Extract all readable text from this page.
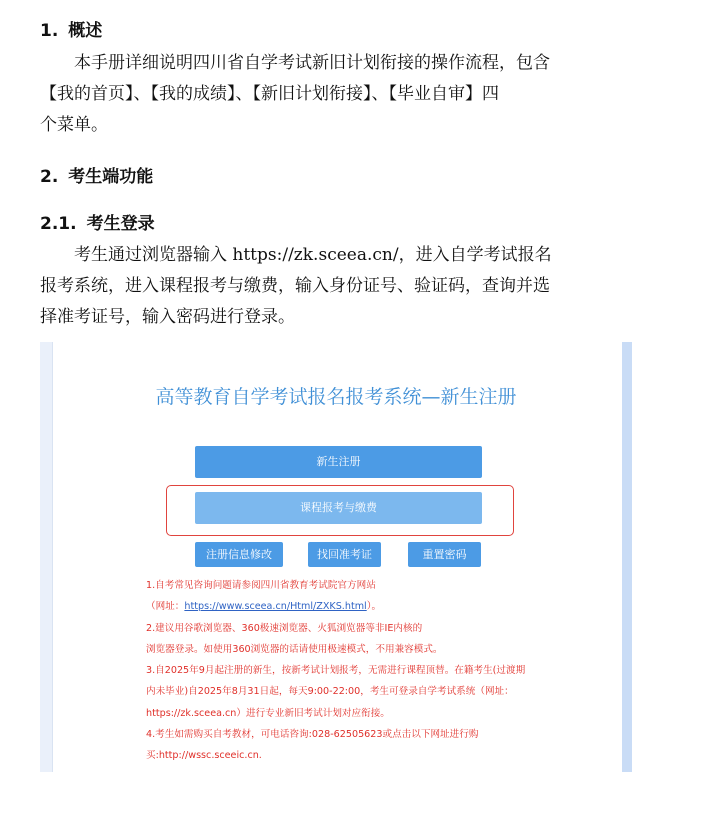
1. 概述
本手册详细说明四川省自学考试新旧计划衔接的操作流程，包含
【我的首页】、【我的成绩】、【新旧计划衔接】、【毕业自审】四
个菜单。
2. 考生端功能
2.1. 考生登录
考生通过浏览器输入 https://zk.sceea.cn/，进入自学考试报名
报考系统，进入课程报考与缴费，输入身份证号、验证码，查询并选
择准考证号，输入密码进行登录。
高等教育自学考试报名报考系统—新生注册
新生注册
课程报考与缴费
注册信息修改	找回准考证	重置密码
1.自考常见咨询问题请参阅四川省教育考试院官方网站
（网址：https://www.sceea.cn/Html/ZXKS.html）。
2.建议用谷歌浏览器、360极速浏览器、火狐浏览器等非IE内核的
浏览器登录。如使用360浏览器的话请使用极速模式，不用兼容模式。
3.自2025年9月起注册的新生，按新考试计划报考，无需进行课程顶替。在籍考生(过渡期
内未毕业)自2025年8月31日起，每天9:00-22:00，考生可登录自学考试系统（网址：
https://zk.sceea.cn）进行专业新旧考试计划对应衔接。
4.考生如需购买自考教材，可电话咨询:028-62505623或点击以下网址进行购
买:http://wssc.sceeic.cn.
